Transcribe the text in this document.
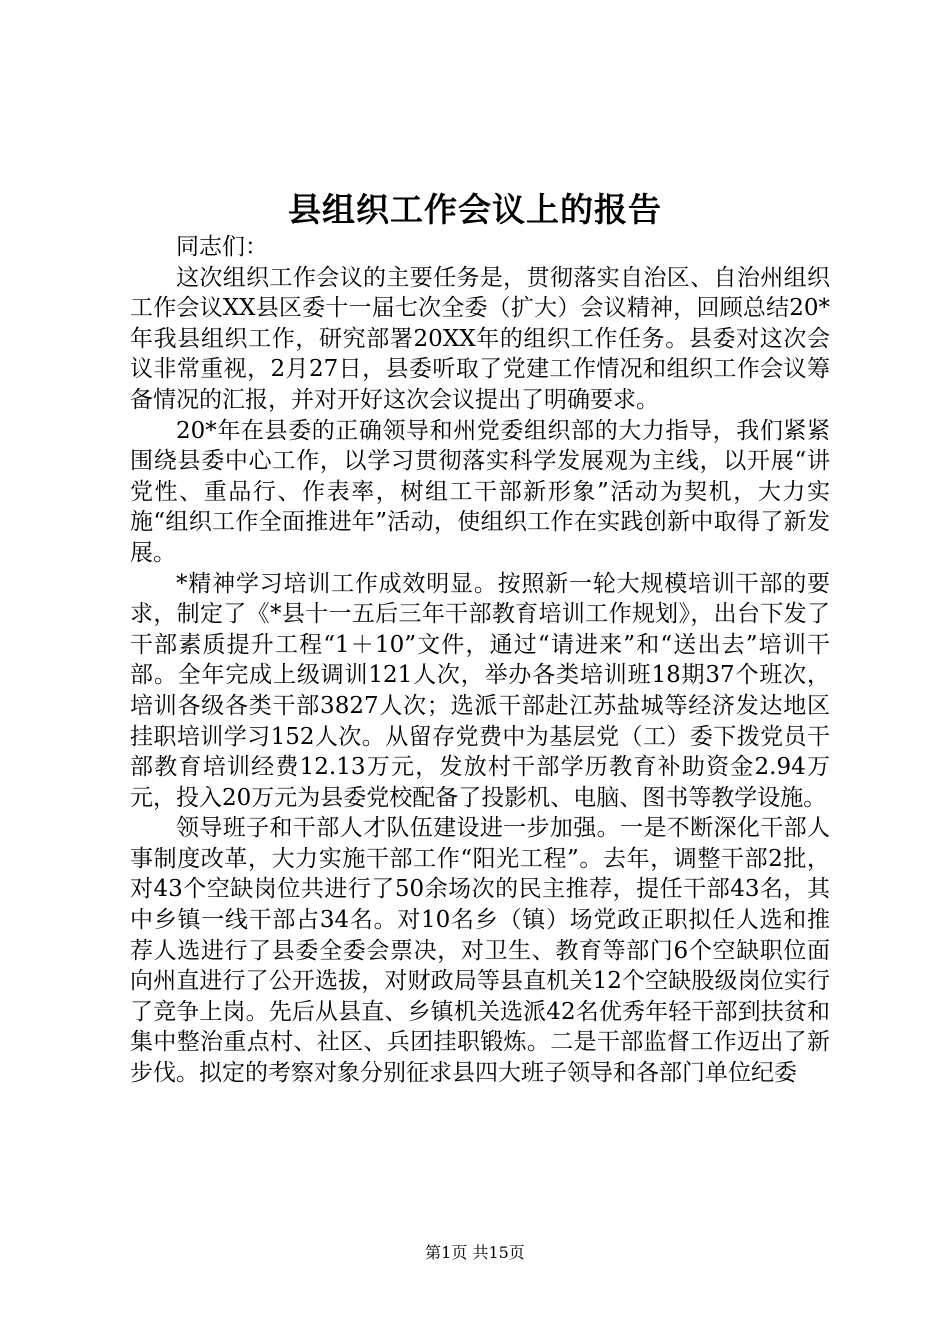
县组织工作会议上的报告

同志们：

这次组织工作会议的主要任务是，贯彻落实自治区、自治州组织工作会议XX县区委十一届七次全委（扩大）会议精神，回顾总结20*年我县组织工作，研究部署20XX年的组织工作任务。县委对这次会议非常重视，2月27日，县委听取了党建工作情况和组织工作会议筹备情况的汇报，并对开好这次会议提出了明确要求。

20*年在县委的正确领导和州党委组织部的大力指导，我们紧紧围绕县委中心工作，以学习贯彻落实科学发展观为主线，以开展“讲党性、重品行、作表率，树组工干部新形象”活动为契机，大力实施“组织工作全面推进年”活动，使组织工作在实践创新中取得了新发展。

*精神学习培训工作成效明显。按照新一轮大规模培训干部的要求，制定了《*县十一五后三年干部教育培训工作规划》，出台下发了干部素质提升工程“1＋10”文件，通过“请进来”和“送出去”培训干部。全年完成上级调训121人次，举办各类培训班18期37个班次，培训各级各类干部3827人次；选派干部赴江苏盐城等经济发达地区挂职培训学习152人次。从留存党费中为基层党（工）委下拨党员干部教育培训经费12.13万元，发放村干部学历教育补助资金2.94万元，投入20万元为县委党校配备了投影机、电脑、图书等教学设施。

领导班子和干部人才队伍建设进一步加强。一是不断深化干部人事制度改革，大力实施干部工作“阳光工程”。去年，调整干部2批，对43个空缺岗位共进行了50余场次的民主推荐，提任干部43名，其中乡镇一线干部占34名。对10名乡（镇）场党政正职拟任人选和推荐人选进行了县委全委会票决，对卫生、教育等部门6个空缺职位面向州直进行了公开选拔，对财政局等县直机关12个空缺股级岗位实行了竞争上岗。先后从县直、乡镇机关选派42名优秀年轻干部到扶贫和集中整治重点村、社区、兵团挂职锻炼。二是干部监督工作迈出了新步伐。拟定的考察对象分别征求县四大班子领导和各部门单位纪委

第1页 共15页
